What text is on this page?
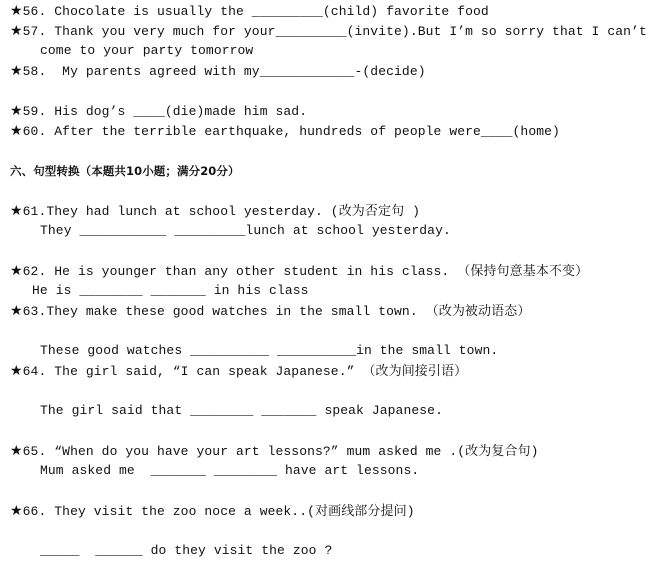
★56. Chocolate is usually the _________(child) favorite food
★57. Thank you very much for your_________(invite).But I’m so sorry that I can’t
come to your party tomorrow
★58.  My parents agreed with my____________-(decide)
★59. His dog’s ____(die)made him sad.
★60. After the terrible earthquake, hundreds of people were____(home)
六、句型转换（本题共10小题；满分20分）
★61.They had lunch at school yesterday. (改为否定句 )
They ___________ _________lunch at school yesterday.
★62. He is younger than any other student in his class. （保持句意基本不变）
He is ________ _______ in his class
★63.They make these good watches in the small town. （改为被动语态）
These good watches __________ __________in the small town.
★64. The girl said, “I can speak Japanese.” （改为间接引语）
The girl said that ________ _______ speak Japanese.
★65. “When do you have your art lessons?” mum asked me .(改为复合句)
Mum asked me  _______ ________ have art lessons.
★66. They visit the zoo noce a week..(对画线部分提问)
_____  ______ do they visit the zoo ?
